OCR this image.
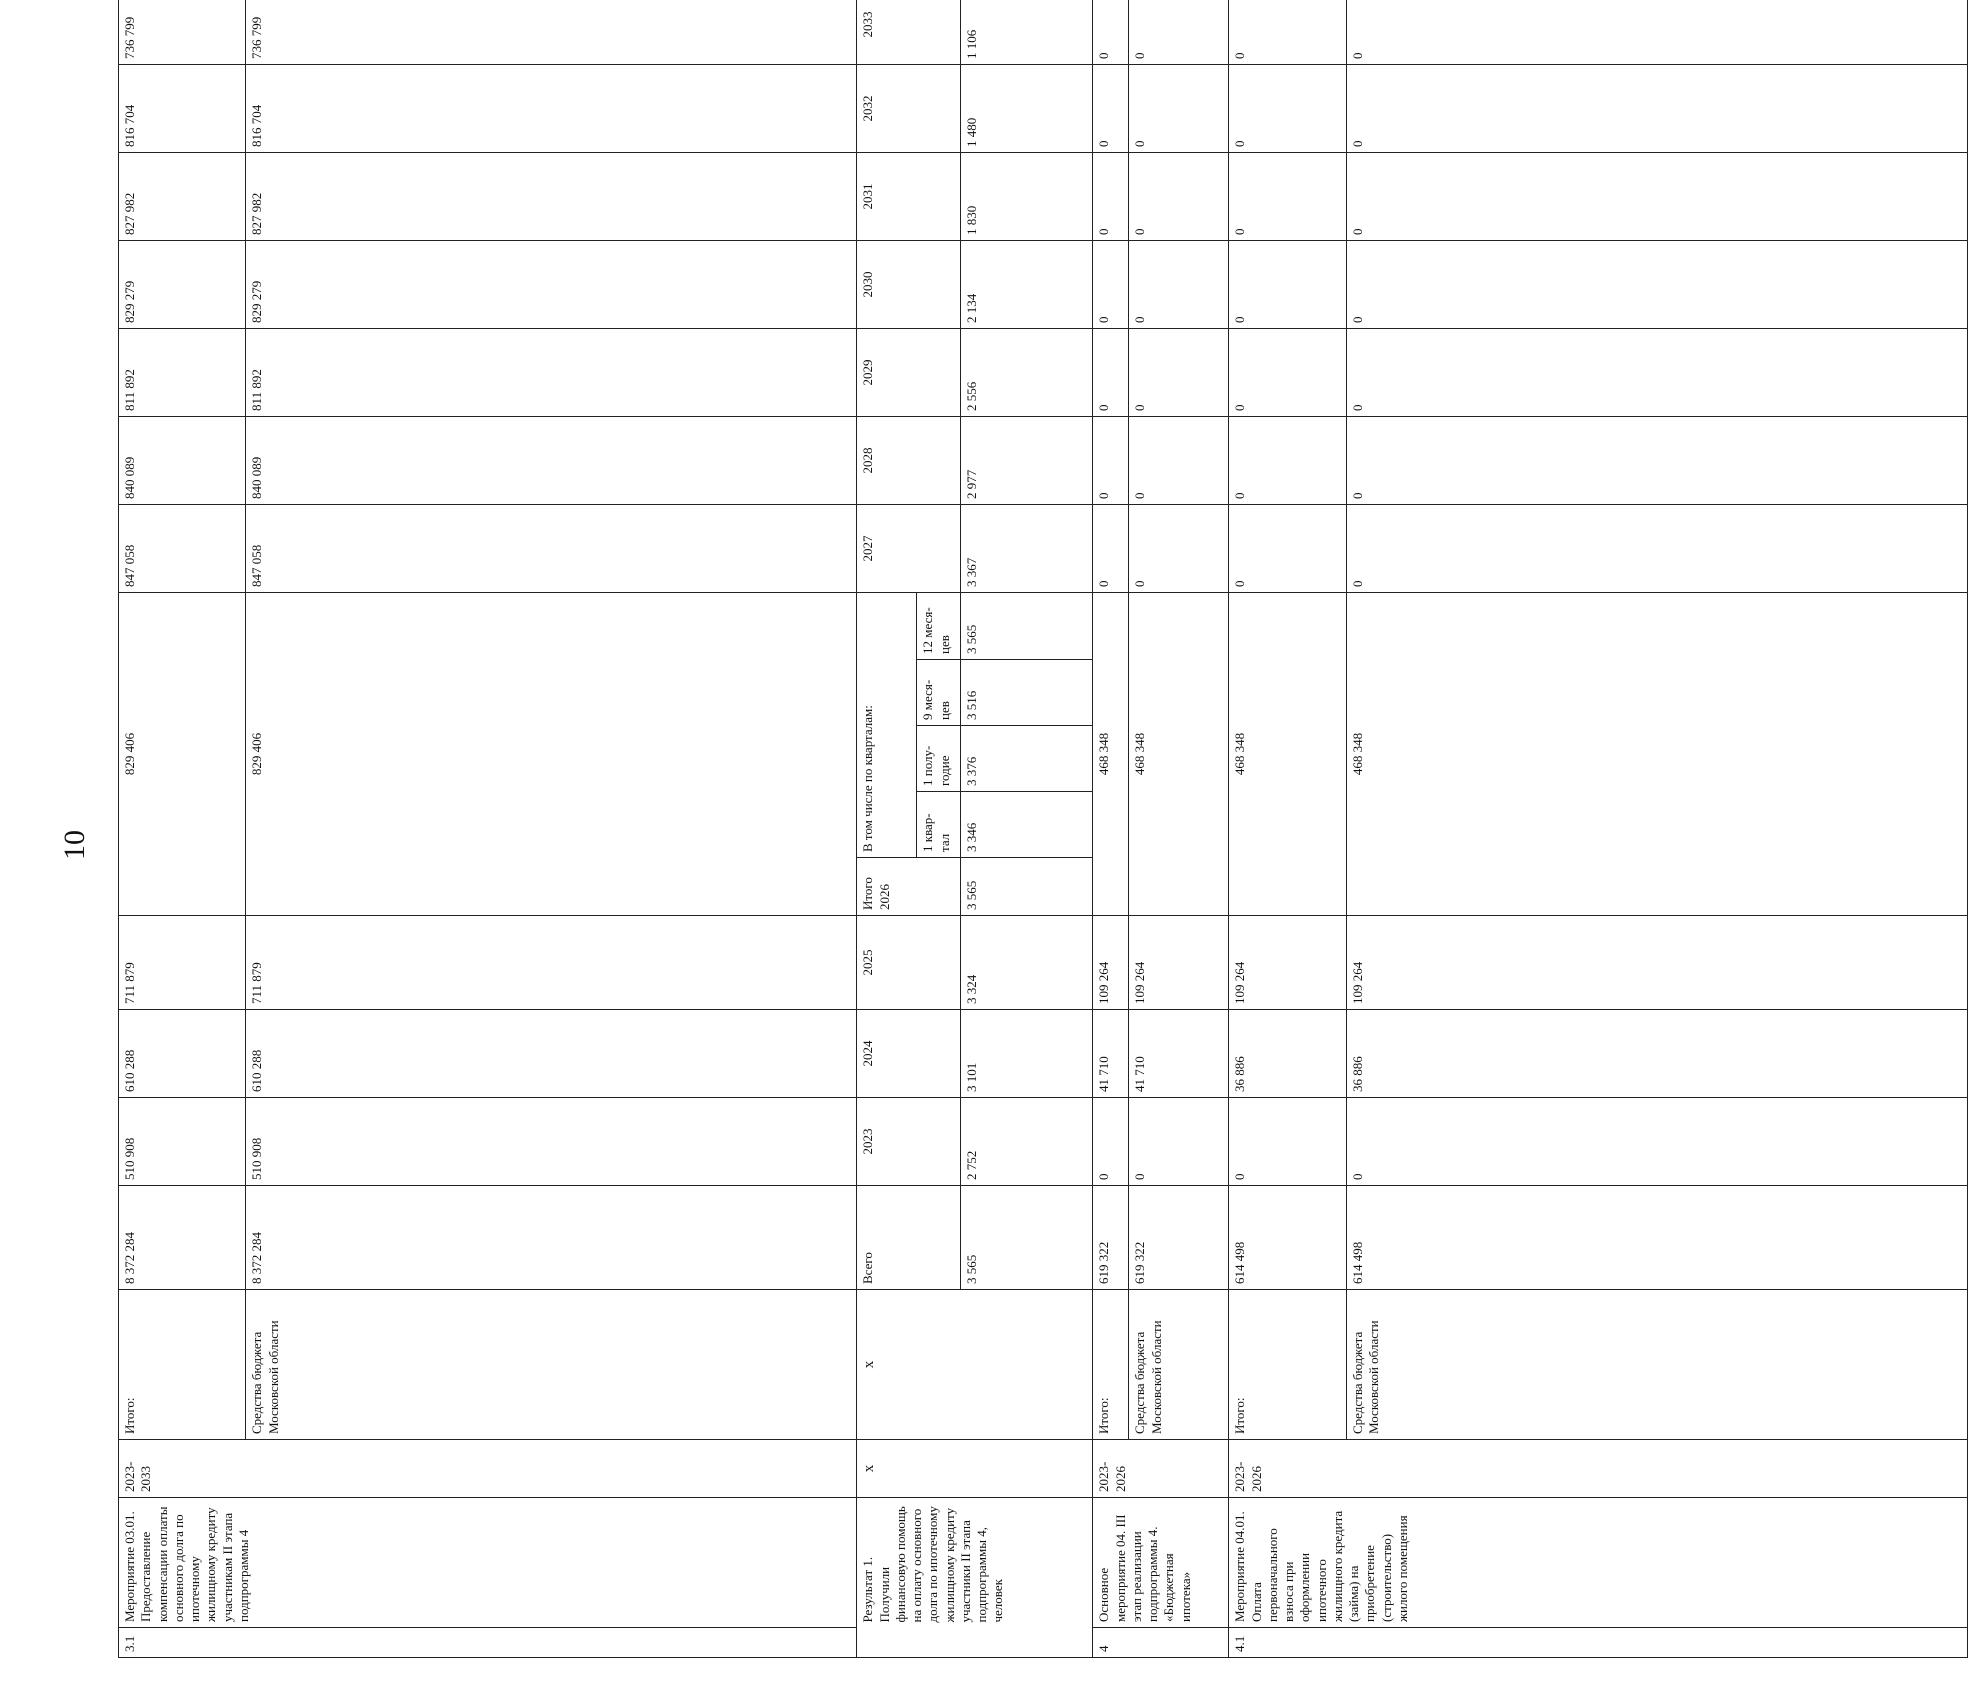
10
3.1	Мероприятие 03.01. Предоставление компенсации оплаты основного долга по ипотечному жилищному кредиту участникам II этапа подпрограммы 4	2023-2033	Итого:	8 372 284	510 908	610 288	711 879	829 406					847 058	840 089	811 892	829 279	827 982	816 704	736 799	
			Средства бюджета Московской области	8 372 284	510 908	610 288	711 879	829 406					847 058	840 089	811 892	829 279	827 982	816 704	736 799	
	Результат 1. Получили финансовую помощь на оплату основного долга по ипотечному жилищному кредиту участники II этапа подпрограммы 4, человек	x	x	Всего	2023	2024	2025	Итого 2026	В том числе по кварталам:				2027	2028	2029	2030	2031	2032	2033	
									1 квар-тал	1 полу-годие	9 меся-цев	12 меся-цев								
				3 565	2 752	3 101	3 324	3 565	3 346	3 376	3 516	3 565	3 367	2 977	2 556	2 134	1 830	1 480	1 106	
4	Основное мероприятие 04. III этап реализации подпрограммы 4. «Бюджетная ипотека»	2023-2026	Итого:	619 322	0	41 710	109 264	468 348					0	0	0	0	0	0	0	
			Средства бюджета Московской области	619 322	0	41 710	109 264	468 348					0	0	0	0	0	0	0	
4.1	Мероприятие 04.01. Оплата первоначального взноса при оформлении ипотечного жилищного кредита (займа) на приобретение (строительство) жилого помещения	2023-2026	Итого:	614 498	0	36 886	109 264	468 348					0	0	0	0	0	0	0	
			Средства бюджета Московской области	614 498	0	36 886	109 264	468 348					0	0	0	0	0	0	0	
